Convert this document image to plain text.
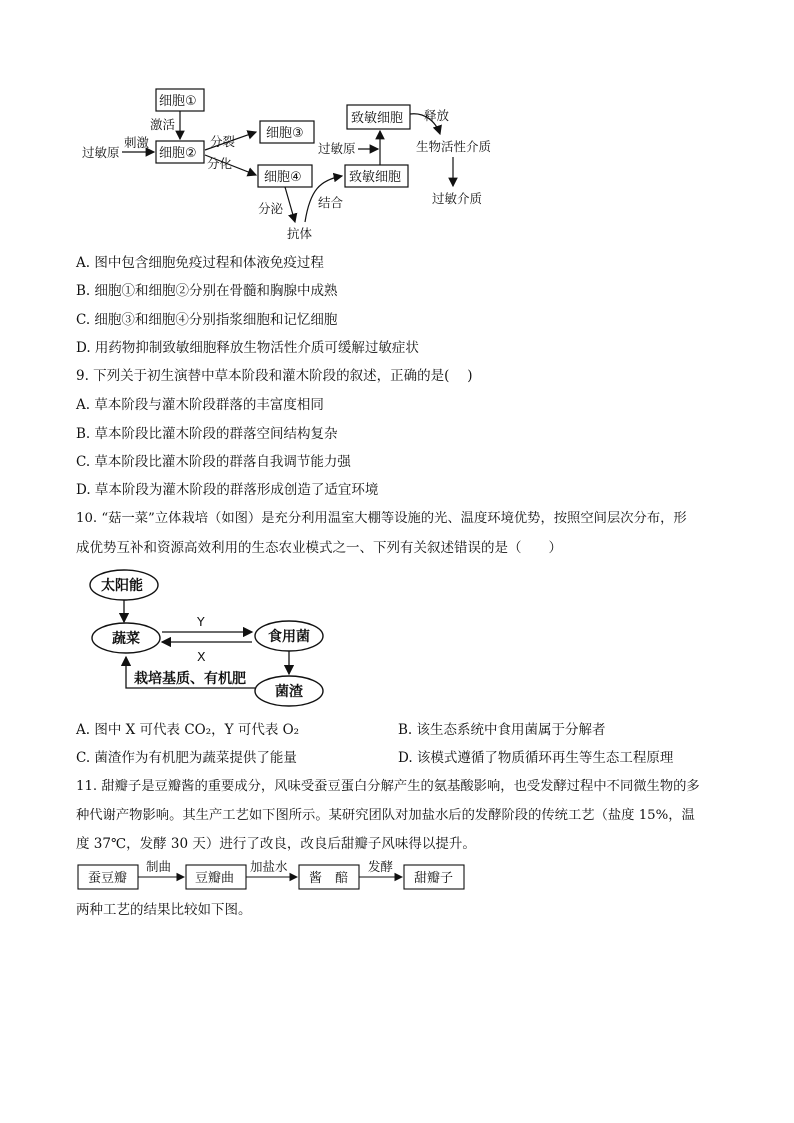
细胞①
细胞②
激活
过敏原
刺激	分裂
分化
细胞③
细胞④
分泌
抗体
结合
致敏细胞
致敏细胞
过敏原
释放
生物活性介质
过敏介质
A. 图中包含细胞免疫过程和体液免疫过程
B. 细胞①和细胞②分别在骨髓和胸腺中成熟
C. 细胞③和细胞④分别指浆细胞和记忆细胞
D. 用药物抑制致敏细胞释放生物活性介质可缓解过敏症状
9. 下列关于初生演替中草本阶段和灌木阶段的叙述，正确的是(　 )
A. 草本阶段与灌木阶段群落的丰富度相同
B. 草本阶段比灌木阶段的群落空间结构复杂
C. 草本阶段比灌木阶段的群落自我调节能力强
D. 草本阶段为灌木阶段的群落形成创造了适宜环境
10. “菇一菜”立体栽培（如图）是充分利用温室大棚等设施的光、温度环境优势，按照空间层次分布，形
成优势互补和资源高效利用的生态农业模式之一、下列有关叙述错误的是（　　）
太阳能
蔬菜	食用菌
Y
X
菌渣
栽培基质、有机肥
A. 图中 X 可代表 CO₂，Y 可代表 O₂	B. 该生态系统中食用菌属于分解者
C. 菌渣作为有机肥为蔬菜提供了能量	D. 该模式遵循了物质循环再生等生态工程原理
11. 甜瓣子是豆瓣酱的重要成分，风味受蚕豆蛋白分解产生的氨基酸影响，也受发酵过程中不同微生物的多
种代谢产物影响。其生产工艺如下图所示。某研究团队对加盐水后的发酵阶段的传统工艺（盐度 15%，温
度 37℃，发酵 30 天）进行了改良，改良后甜瓣子风味得以提升。
蚕豆瓣
制曲
豆瓣曲
加盐水
酱　醅
发酵
甜瓣子
两种工艺的结果比较如下图。
